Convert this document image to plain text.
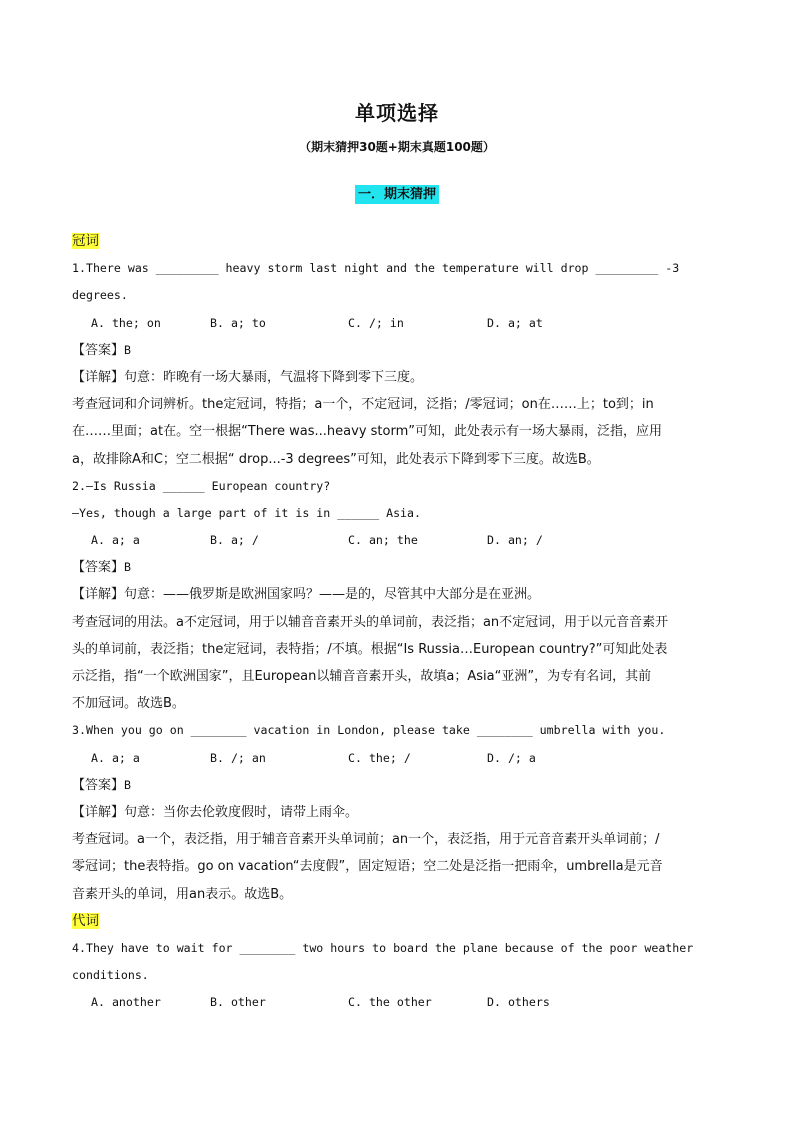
单项选择
（期末猜押30题+期末真题100题）
一．期末猜押
冠词
1.There was _________ heavy storm last night and the temperature will drop _________ -3
degrees.
A. the; on	B. a; to	C. /; in	D. a; at
【答案】B
【详解】句意：昨晚有一场大暴雨，气温将下降到零下三度。
考查冠词和介词辨析。the定冠词，特指；a一个，不定冠词，泛指；/零冠词；on在……上；to到；in
在……里面；at在。空一根据“There was...heavy storm”可知，此处表示有一场大暴雨，泛指，应用
a，故排除A和C；空二根据“ drop...-3 degrees”可知，此处表示下降到零下三度。故选B。
2.—Is Russia ______ European country?
—Yes, though a large part of it is in ______ Asia.
A. a; a	B. a; /	C. an; the	D. an; /
【答案】B
【详解】句意：——俄罗斯是欧洲国家吗？——是的，尽管其中大部分是在亚洲。
考查冠词的用法。a不定冠词，用于以辅音音素开头的单词前，表泛指；an不定冠词，用于以元音音素开
头的单词前，表泛指；the定冠词，表特指；/不填。根据“Is Russia…European country?”可知此处表
示泛指，指“一个欧洲国家”，且European以辅音音素开头，故填a；Asia“亚洲”，为专有名词，其前
不加冠词。故选B。
3.When you go on ________ vacation in London, please take ________ umbrella with you.
A. a; a	B. /; an	C. the; /	D. /; a
【答案】B
【详解】句意：当你去伦敦度假时，请带上雨伞。
考查冠词。a一个，表泛指，用于辅音音素开头单词前；an一个，表泛指，用于元音音素开头单词前；/
零冠词；the表特指。go on vacation“去度假”，固定短语；空二处是泛指一把雨伞，umbrella是元音
音素开头的单词，用an表示。故选B。
代词
4.They have to wait for ________ two hours to board the plane because of the poor weather
conditions.
A. another	B. other	C. the other	D. others
